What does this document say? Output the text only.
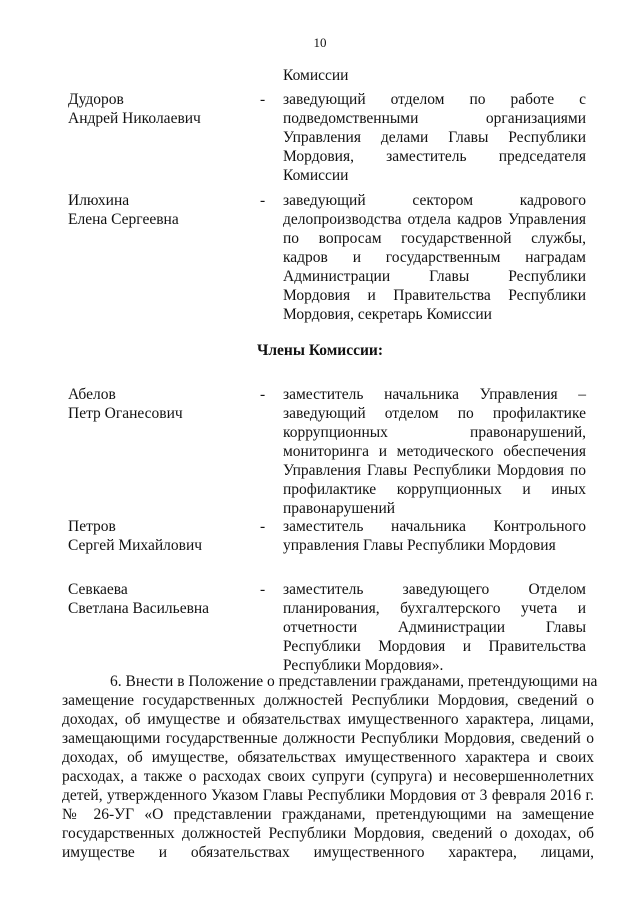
10
Комиссии
Дудоров
Андрей Николаевич
- заведующий отделом по работе с
подведомственными организациями
Управления делами Главы Республики
Мордовия, заместитель председателя
Комиссии
Илюхина
Елена Сергеевна
- заведующий сектором кадрового
делопроизводства отдела кадров Управления
по вопросам государственной службы,
кадров и государственным наградам
Администрации Главы Республики
Мордовия и Правительства Республики
Мордовия, секретарь Комиссии
Члены Комиссии:
Абелов
Петр Оганесович
- заместитель начальника Управления –
заведующий отделом по профилактике
коррупционных правонарушений,
мониторинга и методического обеспечения
Управления Главы Республики Мордовия по
профилактике коррупционных и иных
правонарушений
Петров
Сергей Михайлович
- заместитель начальника Контрольного
управления Главы Республики Мордовия
Севкаева
Светлана Васильевна
- заместитель заведующего Отделом
планирования, бухгалтерского учета и
отчетности Администрации Главы
Республики Мордовия и Правительства
Республики Мордовия».
6. Внести в Положение о представлении гражданами, претендующими на
замещение государственных должностей Республики Мордовия, сведений о
доходах, об имуществе и обязательствах имущественного характера, лицами,
замещающими государственные должности Республики Мордовия, сведений о
доходах, об имуществе, обязательствах имущественного характера и своих
расходах, а также о расходах своих супруги (супруга) и несовершеннолетних
детей, утвержденного Указом Главы Республики Мордовия от 3 февраля 2016 г.
№ 26-УГ «О представлении гражданами, претендующими на замещение
государственных должностей Республики Мордовия, сведений о доходах, об
имуществе и обязательствах имущественного характера, лицами,
